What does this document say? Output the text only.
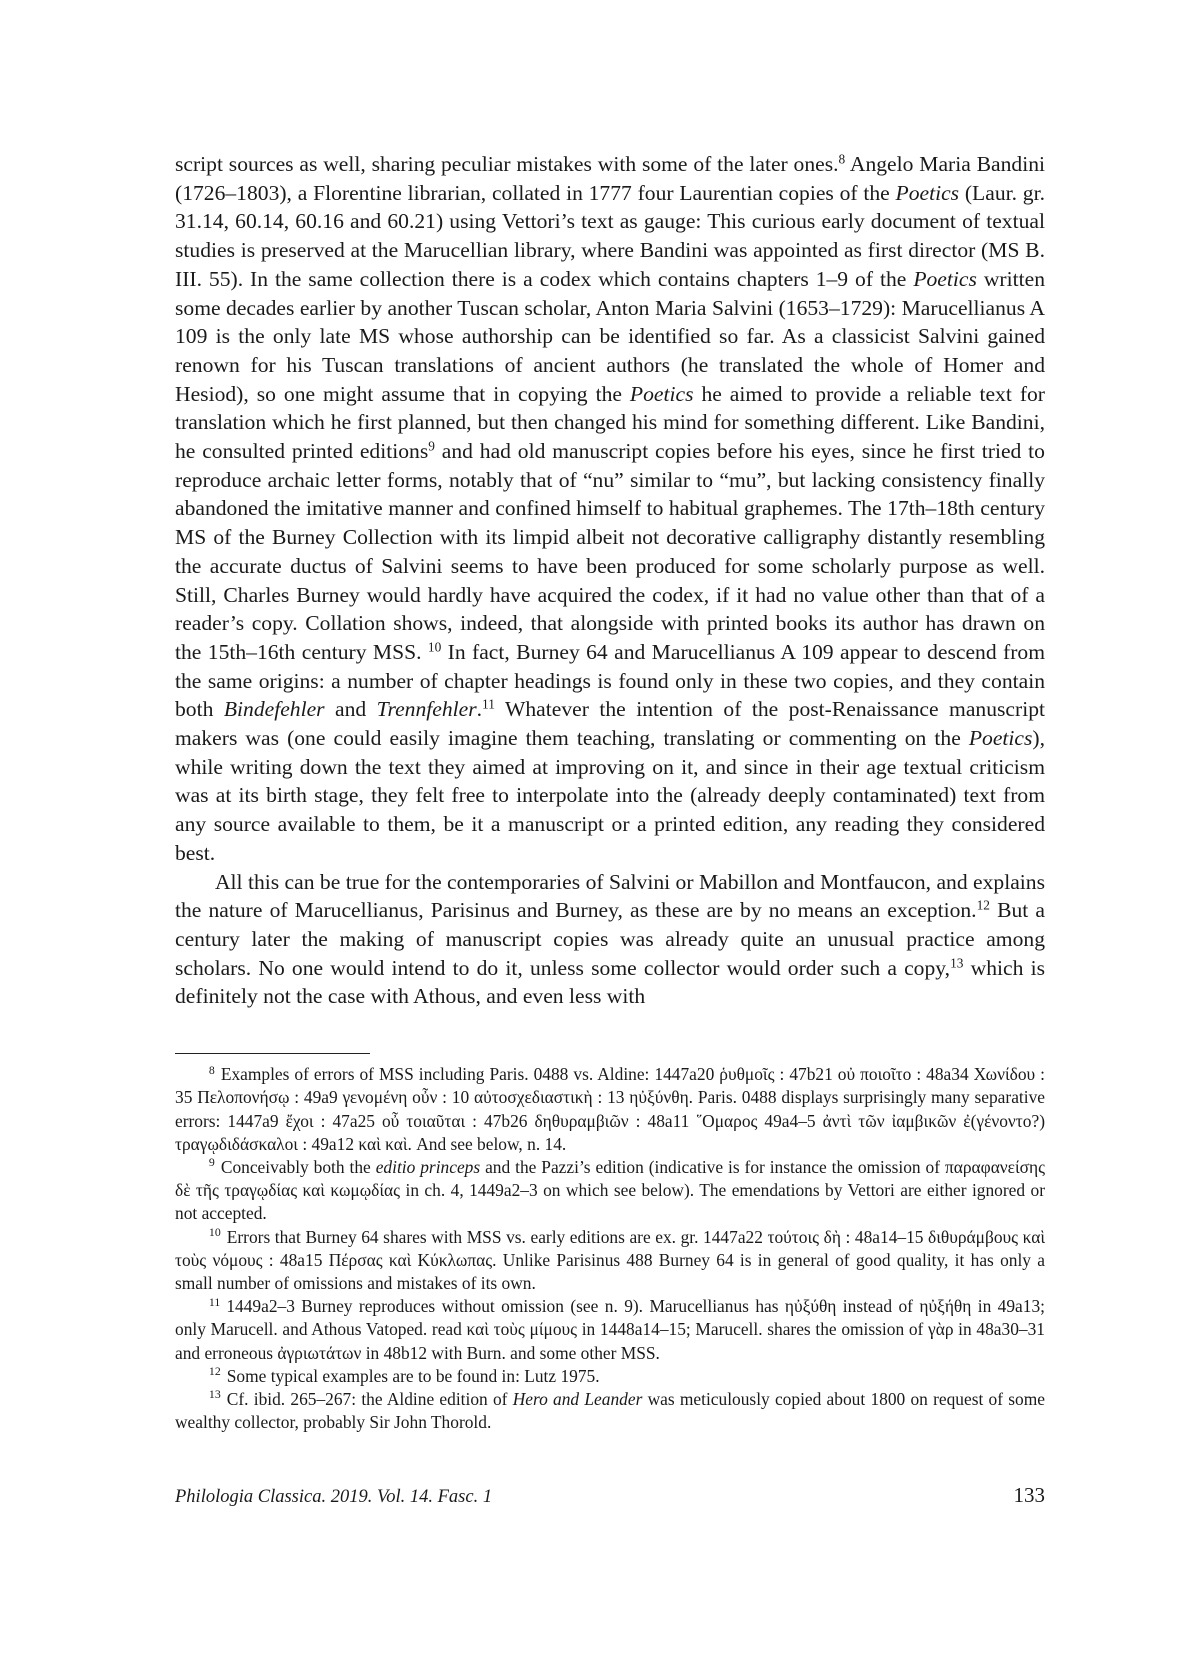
script sources as well, sharing peculiar mistakes with some of the later ones.$^8$ Angelo Maria Bandini (1726–1803), a Florentine librarian, collated in 1777 four Laurentian copies of the Poetics (Laur. gr. 31.14, 60.14, 60.16 and 60.21) using Vettori’s text as gauge: This curious early document of textual studies is preserved at the Marucellian library, where Bandini was appointed as first director (MS B. III. 55). In the same collection there is a codex which contains chapters 1–9 of the Poetics written some decades earlier by another Tuscan scholar, Anton Maria Salvini (1653–1729): Marucellianus A 109 is the only late MS whose authorship can be identified so far. As a classicist Salvini gained renown for his Tuscan translations of ancient authors (he translated the whole of Homer and Hesiod), so one might assume that in copying the Poetics he aimed to provide a reliable text for translation which he first planned, but then changed his mind for something different. Like Bandini, he consulted printed editions$^9$ and had old manuscript copies before his eyes, since he first tried to reproduce archaic letter forms, notably that of “nu” similar to “mu”, but lacking consistency finally abandoned the imitative manner and confined himself to habitual graphemes. The 17th–18th century MS of the Burney Collection with its limpid albeit not decorative calligraphy distantly resembling the accurate ductus of Salvini seems to have been produced for some scholarly purpose as well. Still, Charles Burney would hardly have acquired the codex, if it had no value other than that of a reader’s copy. Collation shows, indeed, that alongside with printed books its author has drawn on the 15th–16th century MSS. $^{10}$ In fact, Burney 64 and Marucellianus A 109 appear to descend from the same origins: a number of chapter headings is found only in these two copies, and they contain both Bindefehler and Trennfehler.$^{11}$ Whatever the intention of the post-Renaissance manuscript makers was (one could easily imagine them teaching, translating or commenting on the Poetics), while writing down the text they aimed at improving on it, and since in their age textual criticism was at its birth stage, they felt free to interpolate into the (already deeply contaminated) text from any source available to them, be it a manuscript or a printed edition, any reading they considered best.
All this can be true for the contemporaries of Salvini or Mabillon and Montfaucon, and explains the nature of Marucellianus, Parisinus and Burney, as these are by no means an exception.$^{12}$ But a century later the making of manuscript copies was already quite an unusual practice among scholars. No one would intend to do it, unless some collector would order such a copy,$^{13}$ which is definitely not the case with Athous, and even less with
$^8$ Examples of errors of MSS including Paris. 0488 vs. Aldine: 1447a20 ῥυθμοῖς : 47b21 οὐ ποιοῖτο : 48a34 Χωνίδου : 35 Πελοπονήσῳ : 49a9 γενομένη οὖν : 10 αὐτοσχεδιαστικὴ : 13 ηὐξύνθη. Paris. 0488 displays surprisingly many separative errors: 1447a9 ἔχοι : 47a25 οὖ τοιαῦται : 47b26 δηθυραμβιῶν : 48a11 ῞Ομαρος 49a4–5 ἀντὶ τῶν ἰαμβικῶν ἐ(γένοντο?) τραγῳδιδάσκαλοι : 49a12 καὶ καὶ. And see below, n. 14.
$^9$ Conceivably both the editio princeps and the Pazzi’s edition (indicative is for instance the omission of παραφανείσης δὲ τῆς τραγῳδίας καὶ κωμῳδίας in ch. 4, 1449a2–3 on which see below). The emendations by Vettori are either ignored or not accepted.
$^{10}$ Errors that Burney 64 shares with MSS vs. early editions are ex. gr. 1447a22 τούτοις δὴ : 48a14–15 διθυράμβους καὶ τοὺς νόμους : 48a15 Πέρσας καὶ Κύκλωπας. Unlike Parisinus 488 Burney 64 is in general of good quality, it has only a small number of omissions and mistakes of its own.
$^{11}$ 1449a2–3 Burney reproduces without omission (see n. 9). Marucellianus has ηὐξύθη instead of ηὐξήθη in 49a13; only Marucell. and Athous Vatoped. read καὶ τοὺς μίμους in 1448a14–15; Marucell. shares the omission of γὰρ in 48a30–31 and erroneous ἀγριωτάτων in 48b12 with Burn. and some other MSS.
$^{12}$ Some typical examples are to be found in: Lutz 1975.
$^{13}$ Cf. ibid. 265–267: the Aldine edition of Hero and Leander was meticulously copied about 1800 on request of some wealthy collector, probably Sir John Thorold.
Philologia Classica. 2019. Vol. 14. Fasc. 1	133
